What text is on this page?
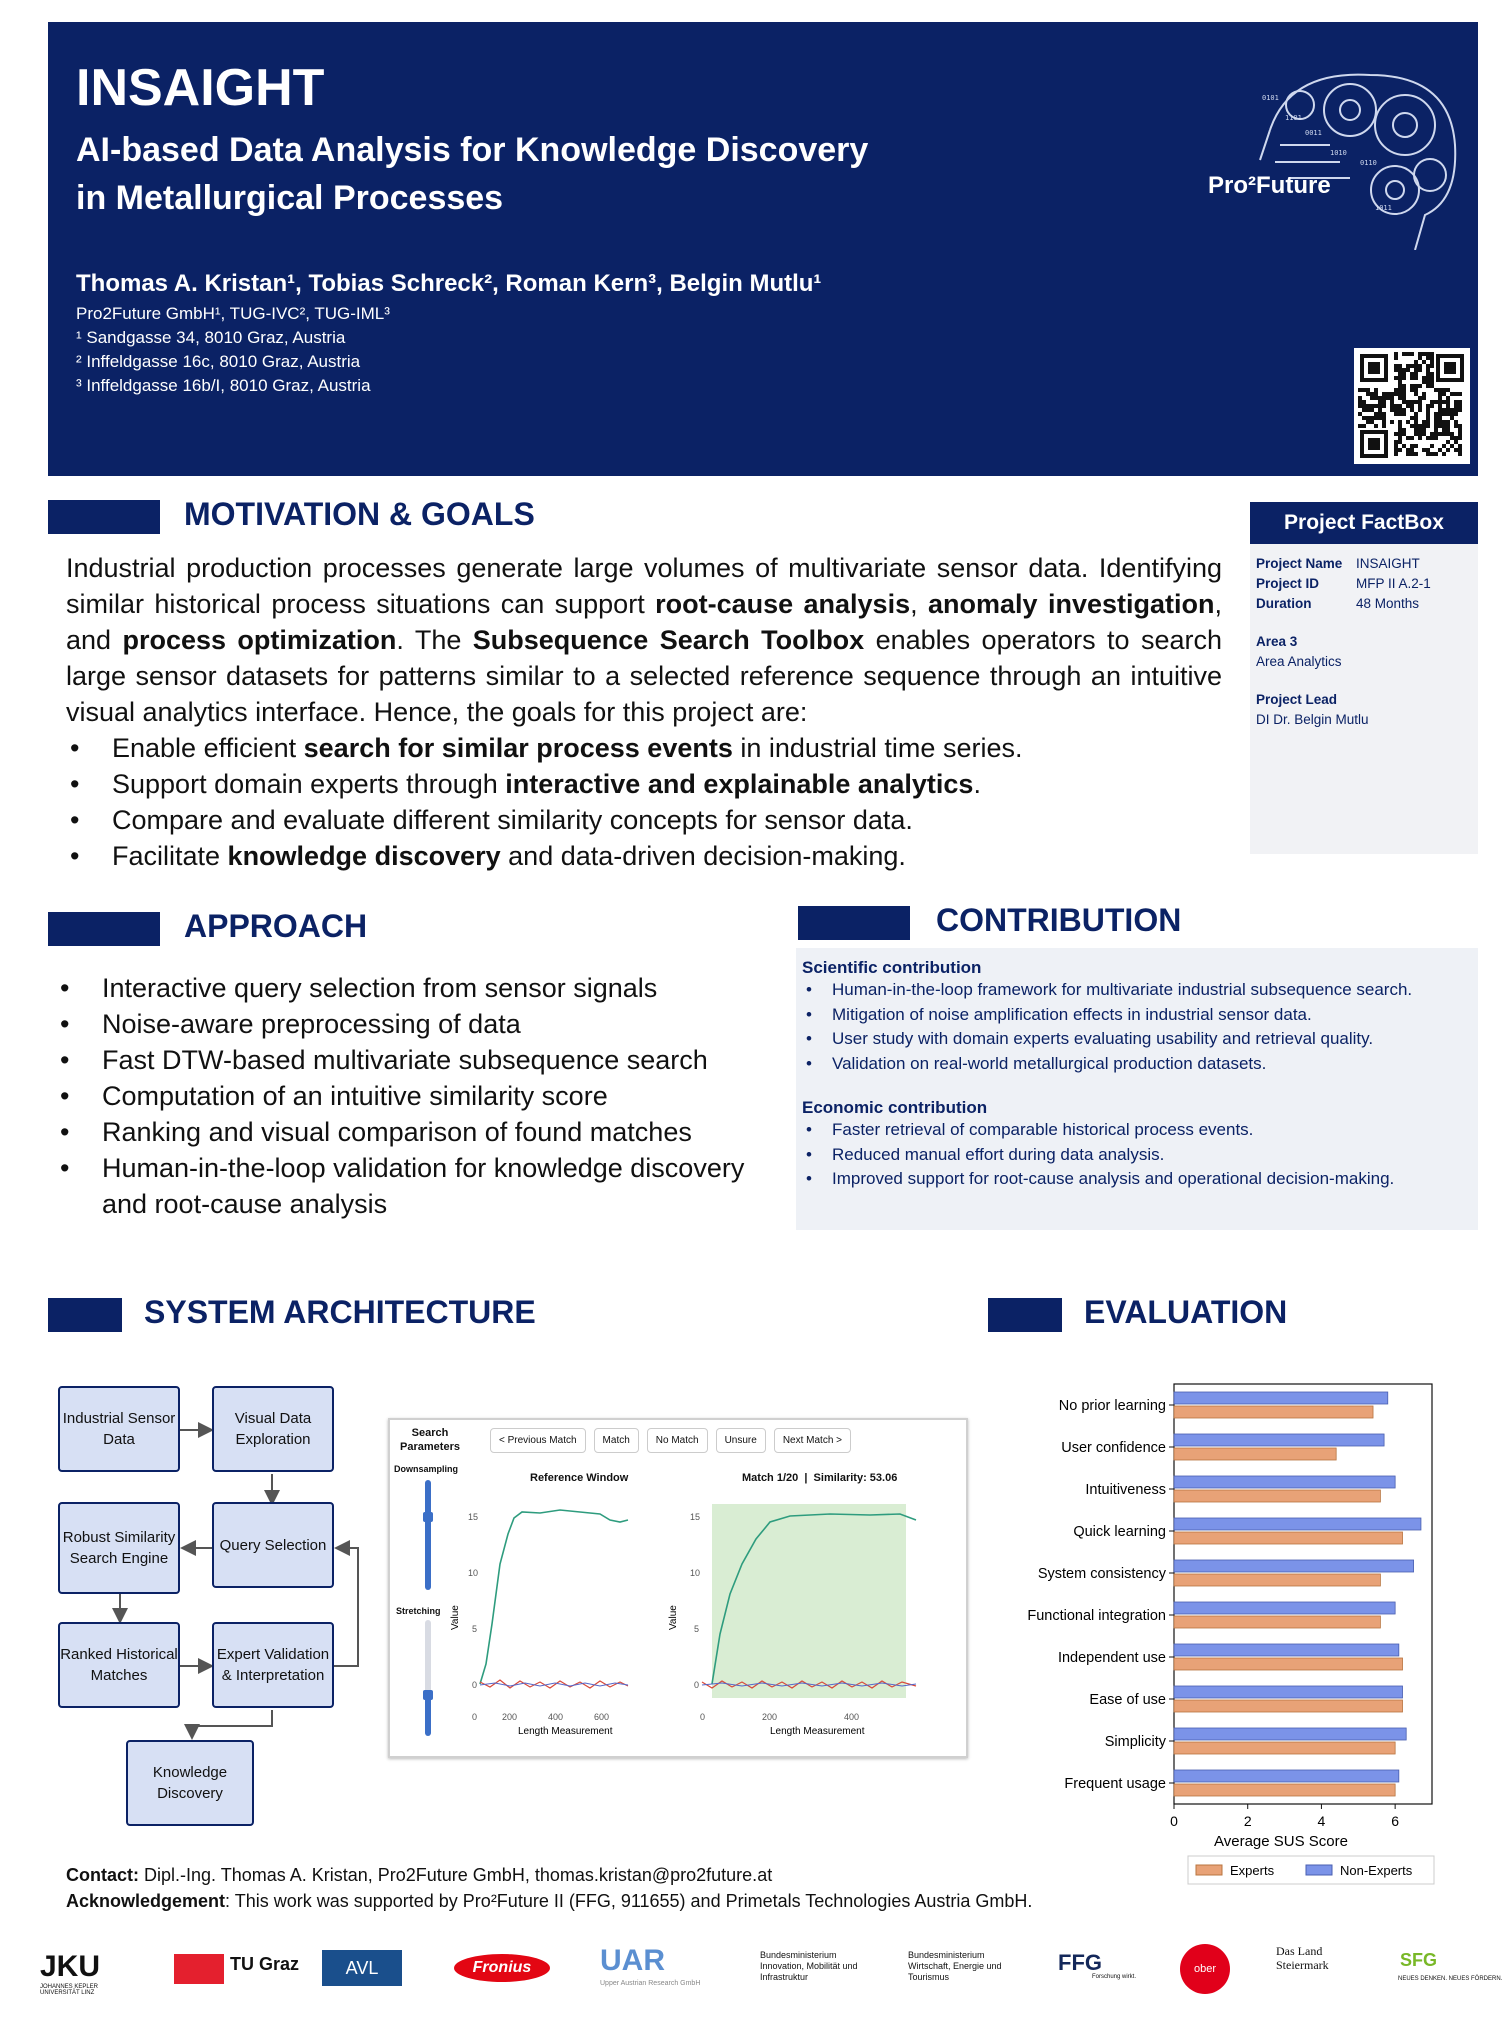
INSAIGHT
AI-based Data Analysis for Knowledge Discovery
in Metallurgical Processes
Thomas A. Kristan¹, Tobias Schreck², Roman Kern³, Belgin Mutlu¹
Pro2Future GmbH¹, TUG-IVC², TUG-IML³
¹ Sandgasse 34, 8010 Graz, Austria
² Inffeldgasse 16c, 8010 Graz, Austria
³ Inffeldgasse 16b/I, 8010 Graz, Austria
0101
1101
0011
1010
0110
1011
Pro²Future
MOTIVATION & GOALS
Industrial production processes generate large volumes of multivariate sensor data. Identifying similar historical process situations can support root-cause analysis, anomaly investigation, and process optimization. The Subsequence Search Toolbox enables operators to search large sensor datasets for patterns similar to a selected reference sequence through an intuitive visual analytics interface. Hence, the goals for this project are:
• Enable efficient search for similar process events in industrial time series.
• Support domain experts through interactive and explainable analytics.
• Compare and evaluate different similarity concepts for sensor data.
• Facilitate knowledge discovery and data-driven decision-making.
Project FactBox
Project Name INSAIGHT
Project ID	MFP II A.2-1
Duration	48 Months
Area 3
Area Analytics
Project Lead
DI Dr. Belgin Mutlu
APPROACH
• Interactive query selection from sensor signals
• Noise-aware preprocessing of data
• Fast DTW-based multivariate subsequence search
• Computation of an intuitive similarity score
• Ranking and visual comparison of found matches
• Human-in-the-loop validation for knowledge discovery and root-cause analysis
CONTRIBUTION
Scientific contribution
• Human-in-the-loop framework for multivariate industrial subsequence search.
• Mitigation of noise amplification effects in industrial sensor data.
• User study with domain experts evaluating usability and retrieval quality.
• Validation on real-world metallurgical production datasets.
Economic contribution
• Faster retrieval of comparable historical process events.
• Reduced manual effort during data analysis.
• Improved support for root-cause analysis and operational decision-making.
SYSTEM ARCHITECTURE
Industrial Sensor Data
Visual Data Exploration
Robust Similarity Search Engine
Query Selection
Ranked Historical Matches
Expert Validation & Interpretation
Knowledge Discovery
Search Parameters
Downsampling
Stretching
< Previous Match	Match	No Match	Unsure	Next Match >
Reference Window	Match 1/20  |  Similarity: 53.06
Value
15
10
5
0
0	200	400	600
Length Measurement
Value
15
10
5
0
0	200	400
Length Measurement
EVALUATION
No prior learning
User confidence
Intuitiveness
Quick learning
System consistency
Functional integration
Independent use
Ease of use
Simplicity
Frequent usage
0	2	4	6
Average SUS Score
Experts	Non-Experts
Contact: Dipl.-Ing. Thomas A. Kristan, Pro2Future GmbH, thomas.kristan@pro2future.at
Acknowledgement: This work was supported by Pro²Future II (FFG, 911655) and Primetals Technologies Austria GmbH.
JKU
JOHANNES KEPLER UNIVERSITÄT LINZ
TU Graz	AVL	Fronius	UAR
Upper Austrian Research GmbH
Bundesministerium Innovation, Mobilität und Infrastruktur
Bundesministerium Wirtschaft, Energie und Tourismus
FFG
Forschung wirkt.
ober österreich
Das Land Steiermark	SFG
NEUES DENKEN. NEUES FÖRDERN.
